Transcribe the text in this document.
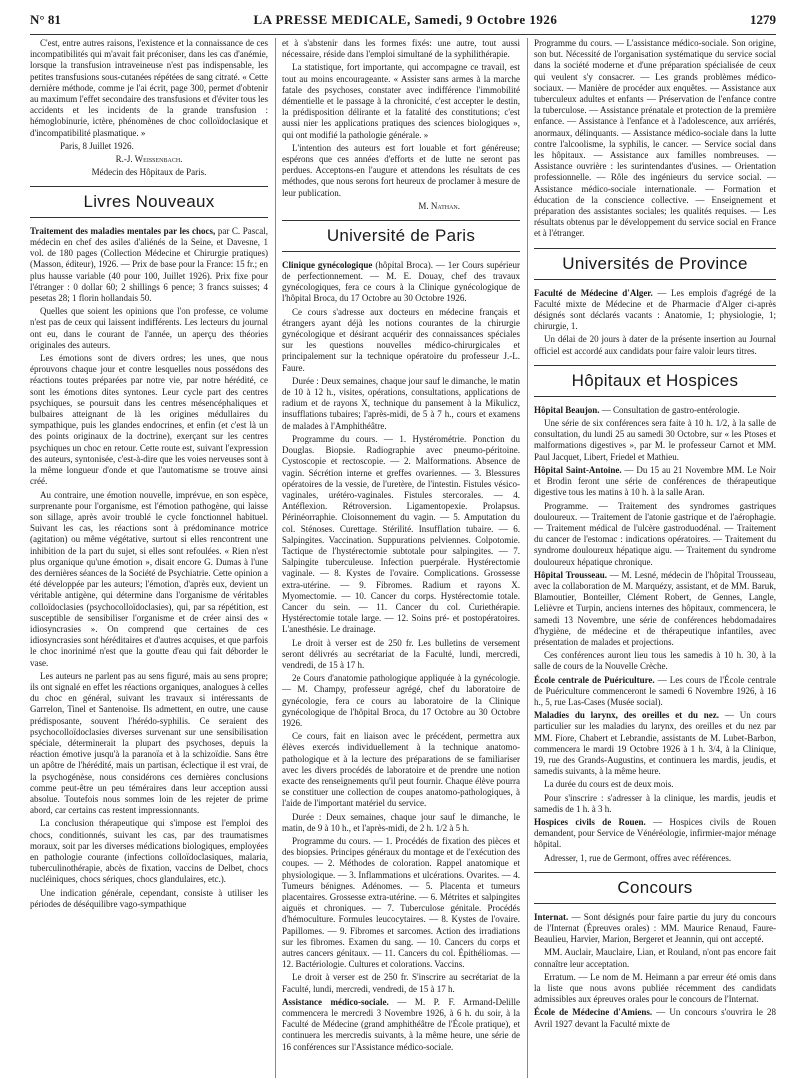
N° 81	LA PRESSE MEDICALE, Samedi, 9 Octobre 1926	1279

C'est, entre autres raisons, l'existence et la connaissance de ces incompatibilités qui m'avait fait préconiser, dans les cas d'anémie, lorsque la transfusion intraveineuse n'est pas indispensable, les petites transfusions sous-cutanées répétées de sang citraté. « Cette dernière méthode, comme je l'ai écrit, page 300, permet d'obtenir au maximum l'effet secondaire des transfusions et d'éviter tous les accidents et les incidents de la grande transfusion : hémoglobinurie, ictère, phénomènes de choc colloïdoclasique et d'incompatibilité plasmatique. »

Paris, 8 Juillet 1926.
R.-J. Weissenbach.
Médecin des Hôpitaux de Paris.
Livres Nouveaux

Traitement des maladies mentales par les chocs, par C. Pascal, médecin en chef des asiles d'aliénés de la Seine, et Davesne, 1 vol. de 180 pages (Collection Médecine et Chirurgie pratiques) (Masson, éditeur), 1926. — Prix de base pour la France: 15 fr.; en plus hausse variable (40 pour 100, Juillet 1926). Prix fixe pour l'étranger : 0 dollar 60; 2 shillings 6 pence; 3 francs suisses; 4 pesetas 28; 1 florin hollandais 50.

Quelles que soient les opinions que l'on professe, ce volume n'est pas de ceux qui laissent indifférents. Les lecteurs du journal ont eu, dans le courant de l'année, un aperçu des théories originales des auteurs.

Les émotions sont de divers ordres; les unes, que nous éprouvons chaque jour et contre lesquelles nous possédons des réactions toutes préparées par notre vie, par notre hérédité, ce sont les émotions dites syntones. Leur cycle part des centres psychiques, se poursuit dans les centres mésencéphaliques et bulbaires atteignant de là les origines médullaires du sympathique, puis les glandes endocrines, et enfin (et c'est là un des points originaux de la doctrine), exerçant sur les centres psychiques un choc en retour. Cette route est, suivant l'expression des auteurs, syntonisée, c'est-à-dire que les voies nerveuses sont à la même longueur d'onde et que l'automatisme se trouve ainsi créé.

Au contraire, une émotion nouvelle, imprévue, en son espèce, surprenante pour l'organisme, est l'émotion pathogène, qui laisse son sillage, après avoir troublé le cycle fonctionnel habituel. Suivant les cas, les réactions sont à prédominance motrice (agitation) ou même végétative, surtout si elles rencontrent une inhibition de la part du sujet, si elles sont refoulées. « Rien n'est plus organique qu'une émotion », disait encore G. Dumas à l'une des dernières séances de la Société de Psychiatrie. Cette opinion a été développée par les auteurs; l'émotion, d'après eux, devient un véritable antigène, qui détermine dans l'organisme de véritables colloïdoclasies (psychocolloïdoclasies), qui, par sa répétition, est susceptible de sensibiliser l'organisme et de créer ainsi des « idiosyncrasies ». On comprend que certaines de ces idiosyncrasies sont héréditaires et d'autres acquises, et que parfois le choc inorinimé n'est que la goutte d'eau qui fait déborder le vase.

Les auteurs ne parlent pas au sens figuré, mais au sens propre; ils ont signalé en effet les réactions organiques, analogues à celles du choc en général, suivant les travaux si intéressants de Garrelon, Tinel et Santenoise. Ils admettent, en outre, une cause prédisposante, souvent l'hérédo-syphilis. Ce seraient des psychocolloïdoclasies diverses survenant sur une sensibilisation spéciale, déterminerait la plupart des psychoses, depuis la réaction émotive jusqu'à la paranoïa et à la schizoïdie. Sans être un apôtre de l'hérédité, mais un partisan, éclectique il est vrai, de la psychogénèse, nous considérons ces dernières conclusions comme peut-être un peu téméraires dans leur acception aussi absolue. Toutefois nous sommes loin de les rejeter de prime abord, car certains cas restent impressionnants.

La conclusion thérapeutique qui s'impose est l'emploi des chocs, conditionnés, suivant les cas, par des traumatismes moraux, soit par les diverses médications biologiques, employées en pathologie courante (infections colloïdoclasiques, malaria, tuberculinothérapie, abcès de fixation, vaccins de Delbet, chocs nucléiniques, chocs sériques, chocs glandulaires, etc.).

Une indication générale, cependant, consiste à utiliser les périodes de déséquilibre vago-sympathique

et à s'abstenir dans les formes fixés: une autre, tout aussi nécessaire, réside dans l'emploi simultané de la syphilithérapie.

La statistique, fort importante, qui accompagne ce travail, est tout au moins encourageante. « Assister sans armes à la marche fatale des psychoses, constater avec indifférence l'immobilité démentielle et le passage à la chronicité, c'est accepter le destin, la prédisposition délirante et la fatalité des constitutions; c'est aussi nier les applications pratiques des sciences biologiques », qui ont modifié la pathologie générale. »

L'intention des auteurs est fort louable et fort généreuse; espérons que ces années d'efforts et de lutte ne seront pas perdues. Acceptons-en l'augure et attendons les résultats de ces méthodes, que nous serons fort heureux de proclamer à mesure de leur publication.

M. Nathan.
Université de Paris

Clinique gynécologique (hôpital Broca). — 1er Cours supérieur de perfectionnement. — M. E. Douay, chef des travaux gynécologiques, fera ce cours à la Clinique gynécologique de l'hôpital Broca, du 17 Octobre au 30 Octobre 1926.

Ce cours s'adresse aux docteurs en médecine français et étrangers ayant déjà les notions courantes de la chirurgie gynécologique et désirant acquérir des connaissances spéciales sur les questions nouvelles médico-chirurgicales et principalement sur la technique opératoire du professeur J.-L. Faure.

Durée : Deux semaines, chaque jour sauf le dimanche, le matin de 10 à 12 h., visites, opérations, consultations, applications de radium et de rayons X, technique du pansement à la Mikulicz, insufflations tubaires; l'après-midi, de 5 à 7 h., cours et examens de malades à l'Amphithéâtre.

Programme du cours. — 1. Hystérométrie. Ponction du Douglas. Biopsie. Radiographie avec pneumo-péritoine. Cystoscopie et rectoscopie. — 2. Malformations. Absence de vagin. Sécrétion interne et greffes ovariennes. — 3. Blessures opératoires de la vessie, de l'uretère, de l'intestin. Fistules vésico-vaginales, urétéro-vaginales. Fistules stercorales. — 4. Antéflexion. Rétroversion. Ligamentopexie. Prolapsus. Périnéorraphie. Cloisonnement du vagin. — 5. Amputation du col. Sténoses. Curettage. Stérilité. Insufflation tubaire. — 6. Salpingites. Vaccination. Suppurations pelviennes. Colpotomie. Tactique de l'hystérectomie subtotale pour salpingites. — 7. Salpingite tuberculeuse. Infection puerpérale. Hystérectomie vaginale. — 8. Kystes de l'ovaire. Complications. Grossesse extra-utérine. — 9. Fibromes. Radium et rayons X. Myomectomie. — 10. Cancer du corps. Hystérectomie totale. Cancer du sein. — 11. Cancer du col. Curiethérapie. Hystérectomie totale large. — 12. Soins pré- et postopératoires. L'anesthésie. Le drainage.

Le droit à verser est de 250 fr. Les bulletins de versement seront délivrés au secrétariat de la Faculté, lundi, mercredi, vendredi, de 15 à 17 h.

2e Cours d'anatomie pathologique appliquée à la gynécologie. — M. Champy, professeur agrégé, chef du laboratoire de gynécologie, fera ce cours au laboratoire de la Clinique gynécologique de l'hôpital Broca, du 17 Octobre au 30 Octobre 1926.

Ce cours, fait en liaison avec le précédent, permettra aux élèves exercés individuellement à la technique anatomo-pathologique et à la lecture des préparations de se familiariser avec les divers procédés de laboratoire et de prendre une notion exacte des renseignements qu'il peut fournir. Chaque élève pourra se constituer une collection de coupes anatomo-pathologiques, à l'aide de l'important matériel du service.

Durée : Deux semaines, chaque jour sauf le dimanche, le matin, de 9 à 10 h., et l'après-midi, de 2 h. 1/2 à 5 h.

Programme du cours. — 1. Procédés de fixation des pièces et des biopsies. Principes généraux du montage et de l'exécution des coupes. — 2. Méthodes de coloration. Rappel anatomique et physiologique. — 3. Inflammations et ulcérations. Ovarites. — 4. Tumeurs bénignes. Adénomes. — 5. Placenta et tumeurs placentaires. Grossesse extra-utérine. — 6. Métrites et salpingites aiguës et chroniques. — 7. Tuberculose génitale. Procédés d'hémoculture. Formules leucocytaires. — 8. Kystes de l'ovaire. Papillomes. — 9. Fibromes et sarcomes. Action des irradiations sur les fibromes. Examen du sang. — 10. Cancers du corps et autres cancers génitaux. — 11. Cancers du col. Épithéliomas. — 12. Bactériologie. Cultures et colorations. Vaccins.

Le droit à verser est de 250 fr. S'inscrire au secrétariat de la Faculté, lundi, mercredi, vendredi, de 15 à 17 h.

Assistance médico-sociale. — M. P. F. Armand-Delille commencera le mercredi 3 Novembre 1926, à 6 h. du soir, à la Faculté de Médecine (grand amphithéâtre de l'École pratique), et continuera les mercredis suivants, à la même heure, une série de 16 conférences sur l'Assistance médico-sociale.

Programme du cours. — L'assistance médico-sociale. Son origine, son but. Nécessité de l'organisation systématique du service social dans la société moderne et d'une préparation spécialisée de ceux qui veulent s'y consacrer. — Les grands problèmes médico-sociaux. — Manière de procéder aux enquêtes. — Assistance aux tuberculeux adultes et enfants — Préservation de l'enfance contre la tuberculose. — Assistance prénatale et protection de la première enfance. — Assistance à l'enfance et à l'adolescence, aux arriérés, anormaux, délinquants. — Assistance médico-sociale dans la lutte contre l'alcoolisme, la syphilis, le cancer. — Service social dans les hôpitaux. — Assistance aux familles nombreuses. — Assistance ouvrière : les surintendantes d'usines. — Orientation professionnelle. — Rôle des ingénieurs du service social. — Assistance médico-sociale internationale. — Formation et éducation de la conscience collective. — Enseignement et préparation des assistantes sociales; les qualités requises. — Les résultats obtenus par le développement du service social en France et à l'étranger.

Universités de Province

Faculté de Médecine d'Alger. — Les emplois d'agrégé de la Faculté mixte de Médecine et de Pharmacie d'Alger ci-après désignés sont déclarés vacants : Anatomie, 1; physiologie, 1; chirurgie, 1.

Un délai de 20 jours à dater de la présente insertion au Journal officiel est accordé aux candidats pour faire valoir leurs titres.

Hôpitaux et Hospices

Hôpital Beaujon. — Consultation de gastro-entérologie.

Une série de six conférences sera faite à 10 h. 1/2, à la salle de consultation, du lundi 25 au samedi 30 Octobre, sur « les Ptoses et malformations digestives », par M. le professeur Carnot et MM. Paul Jacquet, Libert, Friedel et Mathieu.

Hôpital Saint-Antoine. — Du 15 au 21 Novembre MM. Le Noir et Brodin feront une série de conférences de thérapeutique digestive tous les matins à 10 h. à la salle Aran.

Programme. — Traitement des syndromes gastriques douloureux. — Traitement de l'atonie gastrique et de l'aérophagie. — Traitement médical de l'ulcère gastroduodénal. — Traitement du cancer de l'estomac : indications opératoires. — Traitement du syndrome douloureux hépatique aigu. — Traitement du syndrome douloureux hépatique chronique.

Hôpital Trousseau. — M. Lesné, médecin de l'hôpital Trousseau, avec la collaboration de M. Marquézy, assistant, et de MM. Baruk, Blamoutier, Bonteiller, Clément Robert, de Gennes, Langle, Lelièvre et Turpin, anciens internes des hôpitaux, commencera, le samedi 13 Novembre, une série de conférences hebdomadaires d'hygiène, de médecine et de thérapeutique infantiles, avec présentation de malades et projections.

Ces conférences auront lieu tous les samedis à 10 h. 30, à la salle de cours de la Nouvelle Crèche.

École centrale de Puériculture. — Les cours de l'École centrale de Puériculture commenceront le samedi 6 Novembre 1926, à 16 h., 5, rue Las-Cases (Musée social).

Maladies du larynx, des oreilles et du nez. — Un cours particulier sur les maladies du larynx, des oreilles et du nez par MM. Fiore, Chabert et Lebrandie, assistants de M. Lubet-Barbon, commencera le mardi 19 Octobre 1926 à 1 h. 3/4, à la Clinique, 19, rue des Grands-Augustins, et continuera les mardis, jeudis, et samedis suivants, à la même heure.

La durée du cours est de deux mois.

Pour s'inscrire : s'adresser à la clinique, les mardis, jeudis et samedis de 1 h. à 3 h.

Hospices civils de Rouen. — Hospices civils de Rouen demandent, pour Service de Vénéréologie, infirmier-major ménage hôpital.

Adresser, 1, rue de Germont, offres avec références.

Concours

Internat. — Sont désignés pour faire partie du jury du concours de l'Internat (Épreuves orales) : MM. Maurice Renaud, Faure-Beaulieu, Harvier, Marion, Bergeret et Jeannin, qui ont accepté.

MM. Auclair, Mauclaire, Lian, et Rouland, n'ont pas encore fait connaître leur acceptation.

Erratum. — Le nom de M. Heimann a par erreur été omis dans la liste que nous avons publiée récemment des candidats admissibles aux épreuves orales pour le concours de l'Internat.

École de Médecine d'Amiens. — Un concours s'ouvrira le 28 Avril 1927 devant la Faculté mixte de
